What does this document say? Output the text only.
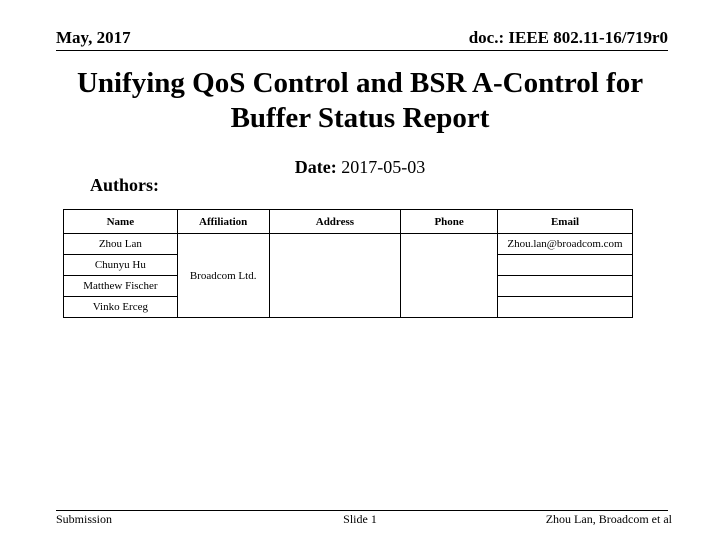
May, 2017	doc.: IEEE 802.11-16/719r0
Unifying QoS Control and BSR A-Control for
Buffer Status Report
Date: 2017-05-03
Authors:
Name	Affiliation	Address	Phone	Email
Zhou Lan	Broadcom Ltd.			Zhou.lan@broadcom.com
Chunyu Hu				
Matthew Fischer				
Vinko Erceg				
Submission	Slide 1	Zhou Lan, Broadcom et al
